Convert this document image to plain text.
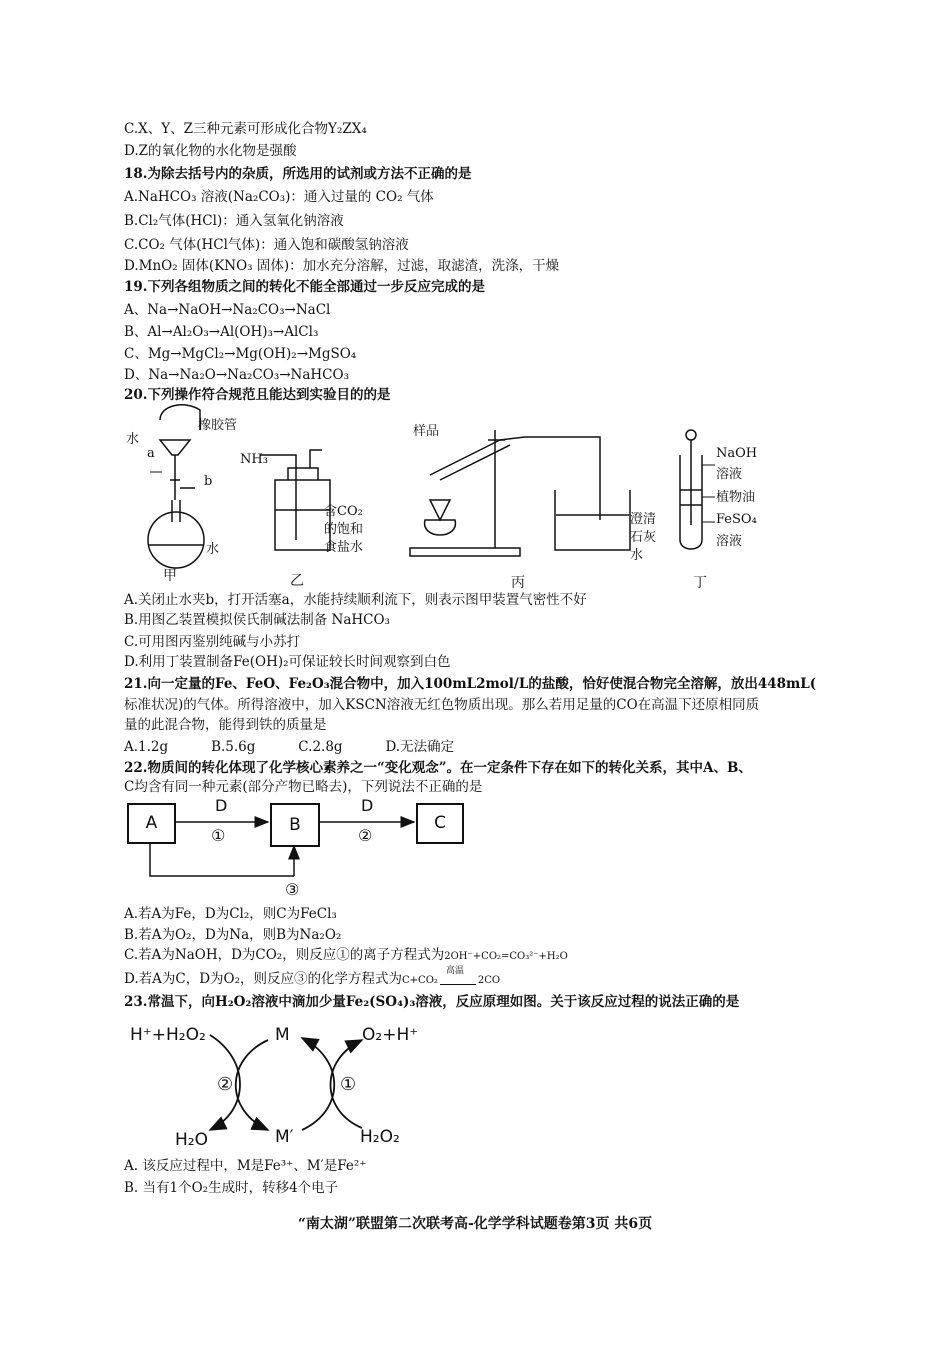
C.X、Y、Z三种元素可形成化合物Y₂ZX₄
D.Z的氧化物的水化物是强酸
18.为除去括号内的杂质，所选用的试剂或方法不正确的是
A.NaHCO₃ 溶液(Na₂CO₃)：通入过量的 CO₂ 气体
B.Cl₂气体(HCl)：通入氢氧化钠溶液
C.CO₂ 气体(HCl气体)：通入饱和碳酸氢钠溶液
D.MnO₂ 固体(KNO₃ 固体)：加水充分溶解，过滤，取滤渣，洗涤，干燥
19.下列各组物质之间的转化不能全部通过一步反应完成的是
A、Na→NaOH→Na₂CO₃→NaCl
B、Al→Al₂O₃→Al(OH)₃→AlCl₃
C、Mg→MgCl₂→Mg(OH)₂→MgSO₄
D、Na→Na₂O→Na₂CO₃→NaHCO₃
20.下列操作符合规范且能达到实验目的的是
水
橡胶管
a
b
水
甲
NH₃
含CO₂
的饱和
食盐水
乙
样品
澄清
石灰
水
丙
NaOH
溶液
植物油
FeSO₄
溶液
丁
A.关闭止水夹b，打开活塞a，水能持续顺利流下，则表示图甲装置气密性不好
B.用图乙装置模拟侯氏制碱法制备 NaHCO₃
C.可用图丙鉴别纯碱与小苏打
D.利用丁装置制备Fe(OH)₂可保证较长时间观察到白色
21.向一定量的Fe、FeO、Fe₂O₃混合物中，加入100mL2mol/L的盐酸，恰好使混合物完全溶解，放出448mL(
标准状况)的气体。所得溶液中，加入KSCN溶液无红色物质出现。那么若用足量的CO在高温下还原相同质
量的此混合物，能得到铁的质量是
A.1.2g          B.5.6g          C.2.8g          D.无法确定
22.物质间的转化体现了化学核心素养之一“变化观念”。在一定条件下存在如下的转化关系，其中A、B、
C均含有同一种元素(部分产物已略去)，下列说法不正确的是
A	B	C
D	D
①	②
③
A.若A为Fe，D为Cl₂，则C为FeCl₃
B.若A为O₂，D为Na，则B为Na₂O₂
C.若A为NaOH，D为CO₂，则反应①的离子方程式为2OH⁻+CO₂=CO₃²⁻+H₂O
D.若A为C，D为O₂，则反应③的化学方程式为C+CO₂
高温
2CO
23.常温下，向H₂O₂溶液中滴加少量Fe₂(SO₄)₃溶液，反应原理如图。关于该反应过程的说法正确的是
H⁺+H₂O₂	M	O₂+H⁺
H₂O	M′	H₂O₂
②	①
A. 该反应过程中，M是Fe³⁺、M′是Fe²⁺
B. 当有1个O₂生成时，转移4个电子
“南太湖”联盟第二次联考高-化学学科试题卷第3页 共6页
